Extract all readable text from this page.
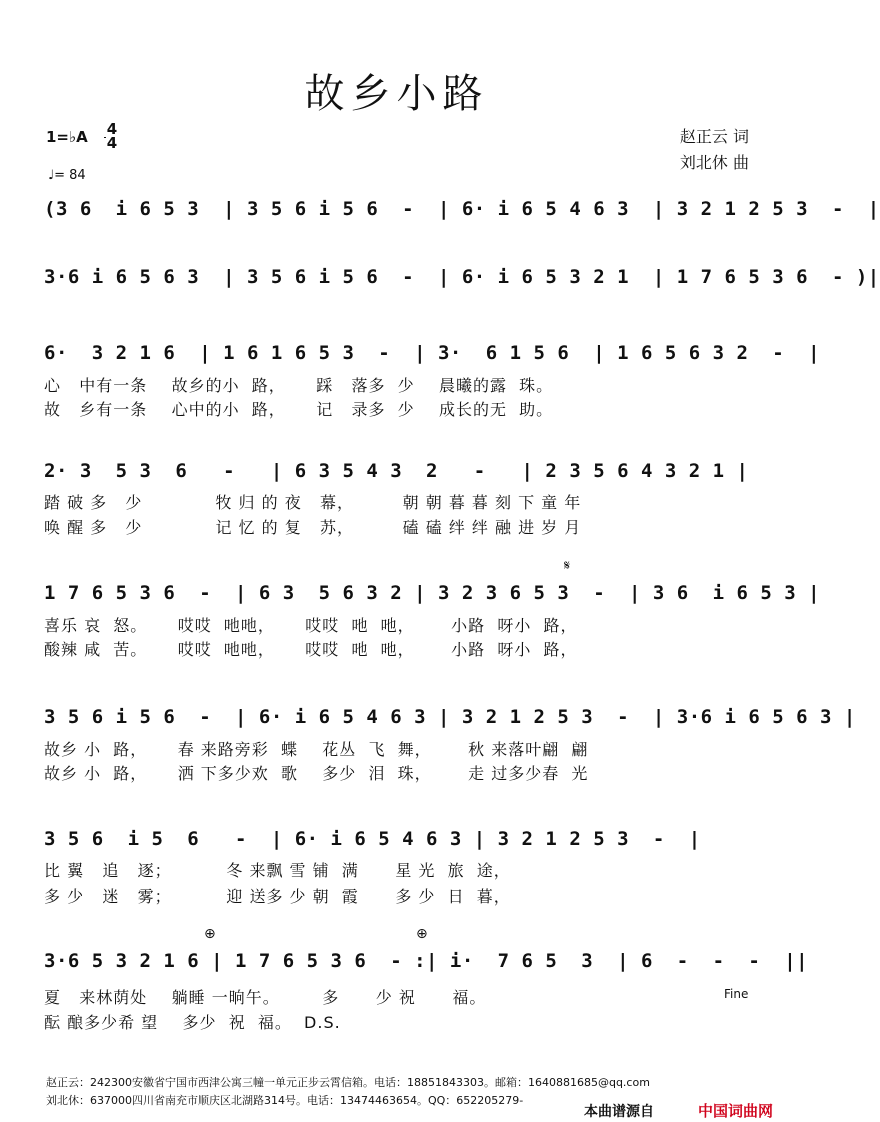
故乡小路
1=♭A 4
4
♩= 84
赵正云 词
刘北休 曲
(3 6  i 6 5 3  | 3 5 6 i 5 6  -  | 6· i 6 5 4 6 3  | 3 2 1 2 5 3  -  |
3·6 i 6 5 6 3  | 3 5 6 i 5 6  -  | 6· i 6 5 3 2 1  | 1 7 6 5 3 6  - )|
6·  3 2 1 6  | 1 6 1 6 5 3  -  | 3·  6 1 5 6  | 1 6 5 6 3 2  -  |
心   中有一条    故乡的小  路，     踩   落多  少    晨曦的露  珠。
故   乡有一条    心中的小  路，     记   录多  少    成长的无  助。
2· 3  5 3  6   -   | 6 3 5 4 3  2   -   | 2 3 5 6 4 3 2 1 |
踏 破 多   少            牧 归 的 夜   幕，        朝 朝 暮 暮 刻 下 童 年
唤 醒 多   少            记 忆 的 复   苏，        磕 磕 绊 绊 融 进 岁 月
𝄋
1 7 6 5 3 6  -  | 6 3  5 6 3 2 | 3 2 3 6 5 3  -  | 3 6  i 6 5 3 |
喜乐 哀  怒。     哎哎  吔吔，     哎哎  吔  吔，      小路  呀小  路，
酸辣 咸  苦。     哎哎  吔吔，     哎哎  吔  吔，      小路  呀小  路，
3 5 6 i 5 6  -  | 6· i 6 5 4 6 3 | 3 2 1 2 5 3  -  | 3·6 i 6 5 6 3 |
故乡 小  路，     春 来路旁彩  蝶    花丛  飞  舞，      秋 来落叶翩  翩
故乡 小  路，     洒 下多少欢  歌    多少  泪  珠，      走 过多少春  光
3 5 6  i 5  6   -  | 6· i 6 5 4 6 3 | 3 2 1 2 5 3  -  |
比 翼   追   逐；         冬 来飘 雪 铺  满      星 光  旅  途，
多 少   迷   雾；         迎 送多 少 朝  霞      多 少  日  暮，
⊕	⊕
3·6 5 3 2 1 6 | 1 7 6 5 3 6  - :| i·  7 6 5  3  | 6  -  -  -  ||
Fine
夏   来林荫处    躺睡 一晌午。       多      少 祝      福。
酝 酿多少希 望    多少  祝  福。  D.S.
赵正云：242300安徽省宁国市西津公寓三幢一单元正步云霄信箱。电话：18851843303。邮箱：1640881685@qq.com
刘北休：637000四川省南充市顺庆区北湖路314号。电话：13474463654。QQ：652205279-
本曲谱源自	中国词曲网
